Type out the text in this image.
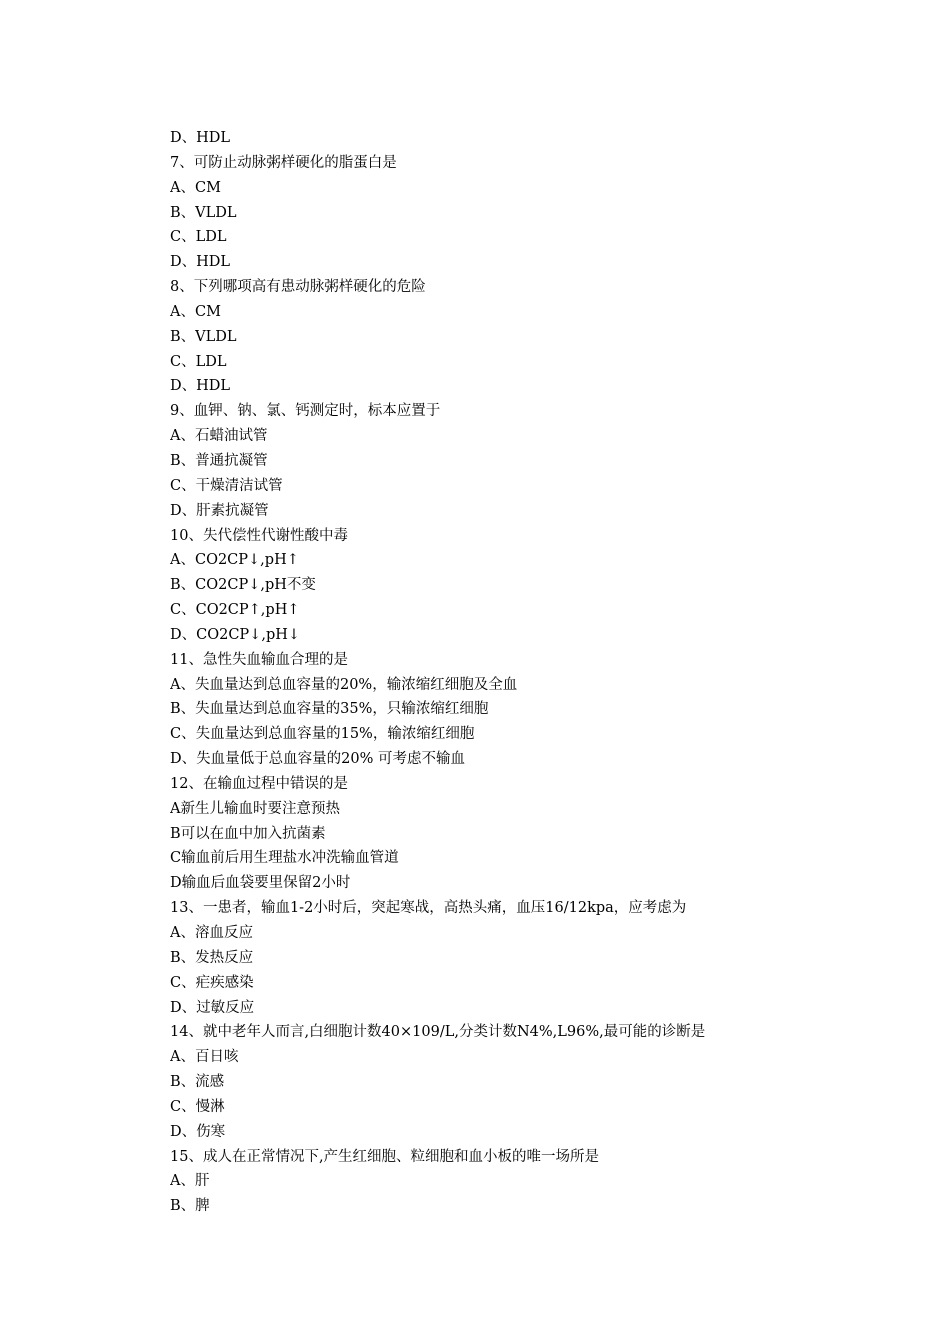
D、HDL
7、可防止动脉粥样硬化的脂蛋白是
A、CM
B、VLDL
C、LDL
D、HDL
8、下列哪项高有患动脉粥样硬化的危险
A、CM
B、VLDL
C、LDL
D、HDL
9、血钾、钠、氯、钙测定时，标本应置于
A、石蜡油试管
B、普通抗凝管
C、干燥清洁试管
D、肝素抗凝管
10、失代偿性代谢性酸中毒
A、CO2CP↓,pH↑
B、CO2CP↓,pH不变
C、CO2CP↑,pH↑
D、CO2CP↓,pH↓
11、急性失血输血合理的是
A、失血量达到总血容量的20%，输浓缩红细胞及全血
B、失血量达到总血容量的35%，只输浓缩红细胞
C、失血量达到总血容量的15%，输浓缩红细胞
D、失血量低于总血容量的20% 可考虑不输血
12、在输血过程中错误的是
A新生儿输血时要注意预热
B可以在血中加入抗菌素
C输血前后用生理盐水冲洗输血管道
D输血后血袋要里保留2小时
13、一患者，输血1-2小时后，突起寒战，高热头痛，血压16/12kpa，应考虑为
A、溶血反应
B、发热反应
C、疟疾感染
D、过敏反应
14、就中老年人而言,白细胞计数40×109/L,分类计数N4%,L96%,最可能的诊断是
A、百日咳
B、流感
C、慢淋
D、伤寒
15、成人在正常情况下,产生红细胞、粒细胞和血小板的唯一场所是
A、肝
B、脾
